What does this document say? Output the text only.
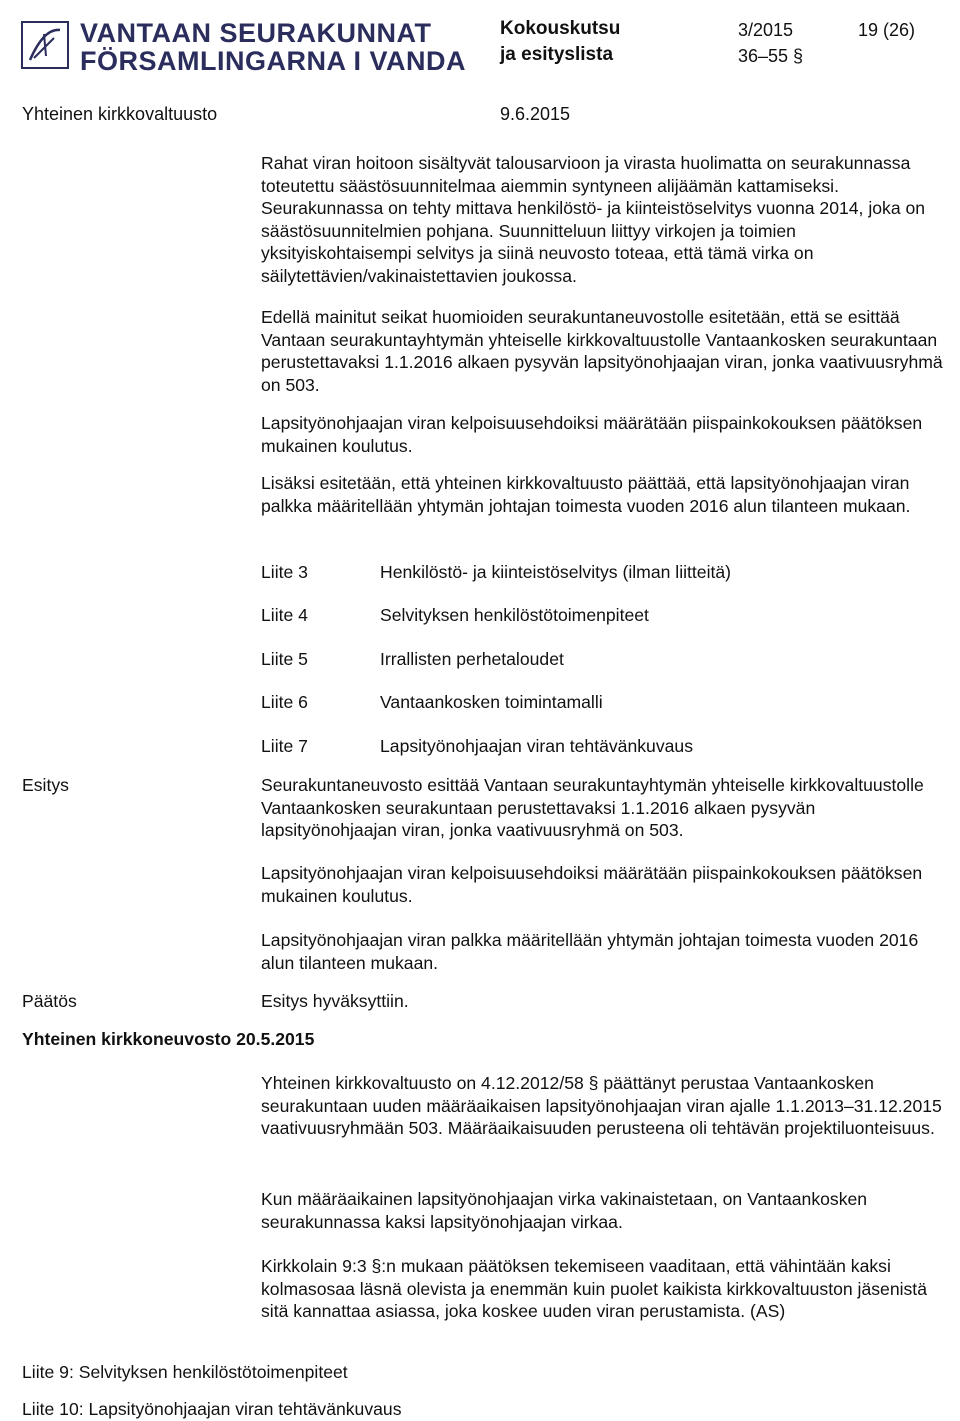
VANTAAN SEURAKUNNAT
FÖRSAMLINGARNA I VANDA
Kokouskutsu
ja esityslista
3/2015
36–55 §
19 (26)
Yhteinen kirkkovaltuusto	9.6.2015

Rahat viran hoitoon sisältyvät talousarvioon ja virasta huolimatta on seurakunnassa toteutettu säästösuunnitelmaa aiemmin syntyneen alijäämän kattamiseksi. Seurakunnassa on tehty mittava henkilöstö- ja kiinteistöselvitys vuonna 2014, joka on säästösuunnitelmien pohjana. Suunnitteluun liittyy virkojen ja toimien yksityiskohtaisempi selvitys ja siinä neuvosto toteaa, että tämä virka on säilytettävien/vakinaistettavien joukossa.

Edellä mainitut seikat huomioiden seurakuntaneuvostolle esitetään, että se esittää Vantaan seurakuntayhtymän yhteiselle kirkkovaltuustolle Vantaankosken seurakuntaan perustettavaksi 1.1.2016 alkaen pysyvän lapsityönohjaajan viran, jonka vaativuusryhmä on 503.

Lapsityönohjaajan viran kelpoisuusehdoiksi määrätään piispainkokouksen päätöksen mukainen koulutus.

Lisäksi esitetään, että yhteinen kirkkovaltuusto päättää, että lapsityönohjaajan viran palkka määritellään yhtymän johtajan toimesta vuoden 2016 alun tilanteen mukaan.

Liite 3	Henkilöstö- ja kiinteistöselvitys (ilman liitteitä)
Liite 4	Selvityksen henkilöstötoimenpiteet
Liite 5	Irrallisten perhetaloudet
Liite 6	Vantaankosken toimintamalli
Liite 7	Lapsityönohjaajan viran tehtävänkuvaus
Esitys	Seurakuntaneuvosto esittää Vantaan seurakuntayhtymän yhteiselle kirkkovaltuustolle Vantaankosken seurakuntaan perustettavaksi 1.1.2016 alkaen pysyvän lapsityönohjaajan viran, jonka vaativuusryhmä on 503.

Lapsityönohjaajan viran kelpoisuusehdoiksi määrätään piispainkokouksen päätöksen mukainen koulutus.

Lapsityönohjaajan viran palkka määritellään yhtymän johtajan toimesta vuoden 2016 alun tilanteen mukaan.

Päätös	Esitys hyväksyttiin.

Yhteinen kirkkoneuvosto 20.5.2015

Yhteinen kirkkovaltuusto on 4.12.2012/58 § päättänyt perustaa Vantaankosken seurakuntaan uuden määräaikaisen lapsityönohjaajan viran ajalle 1.1.2013–31.12.2015 vaativuusryhmään 503. Määräaikaisuuden perusteena oli tehtävän projektiluonteisuus.

Kun määräaikainen lapsityönohjaajan virka vakinaistetaan, on Vantaankosken seurakunnassa kaksi lapsityönohjaajan virkaa.

Kirkkolain 9:3 §:n mukaan päätöksen tekemiseen vaaditaan, että vähintään kaksi kolmasosaa läsnä olevista ja enemmän kuin puolet kaikista kirkkovaltuuston jäsenistä sitä kannattaa asiassa, joka koskee uuden viran perustamista. (AS)

Liite 9: Selvityksen henkilöstötoimenpiteet
Liite 10: Lapsityönohjaajan viran tehtävänkuvaus
